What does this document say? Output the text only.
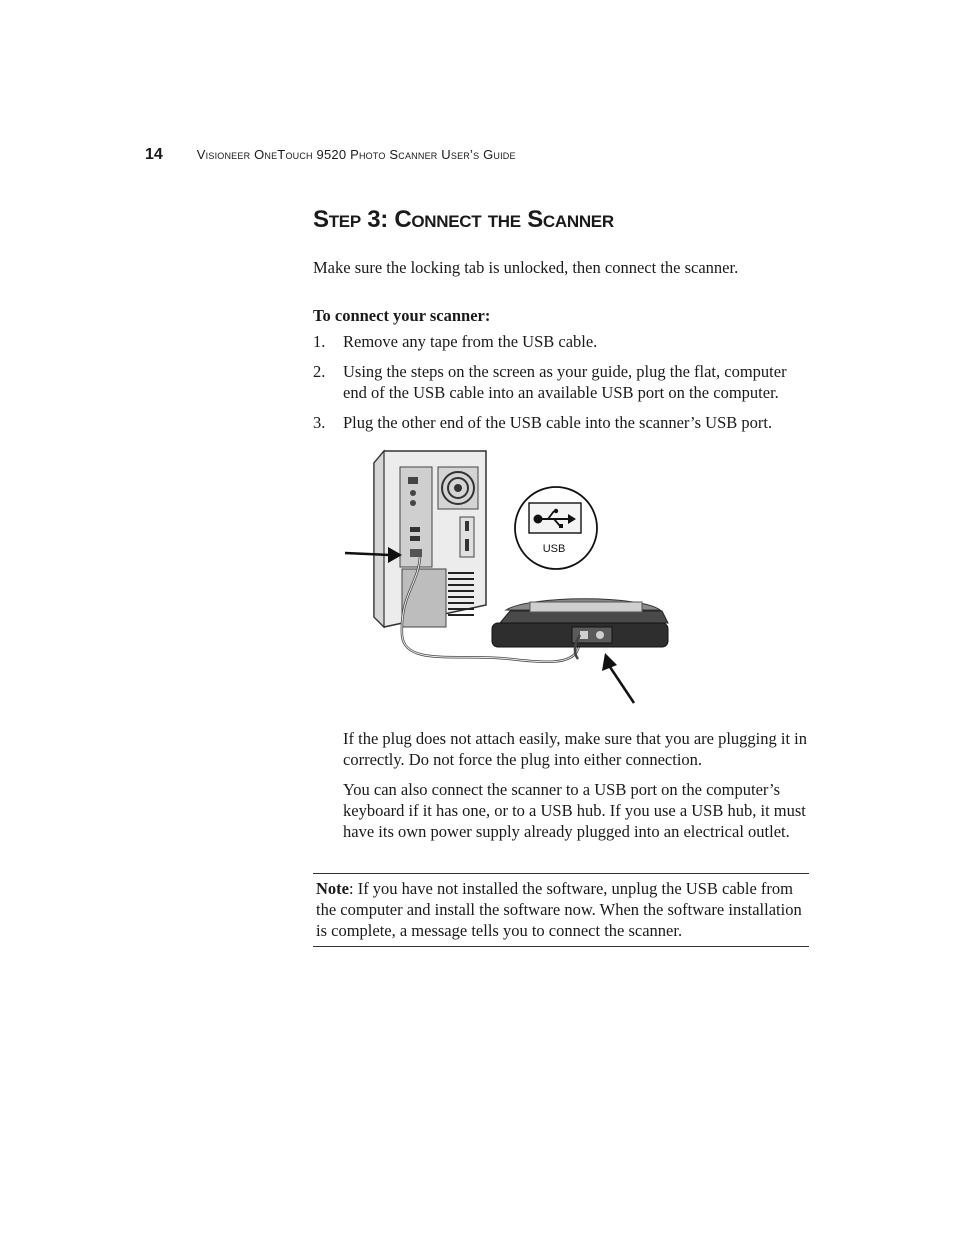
14	Visioneer OneTouch 9520 Photo Scanner User’s Guide
Step 3: Connect the Scanner

Make sure the locking tab is unlocked, then connect the scanner.

To connect your scanner:

1.	Remove any tape from the USB cable.
2.	Using the steps on the screen as your guide, plug the flat, computer end of the USB cable into an available USB port on the computer.
3.	Plug the other end of the USB cable into the scanner’s USB port.
USB

If the plug does not attach easily, make sure that you are plugging it in correctly. Do not force the plug into either connection.

You can also connect the scanner to a USB port on the computer’s keyboard if it has one, or to a USB hub. If you use a USB hub, it must have its own power supply already plugged into an electrical outlet.

Note: If you have not installed the software, unplug the USB cable from the computer and install the software now. When the software installation is complete, a message tells you to connect the scanner.
